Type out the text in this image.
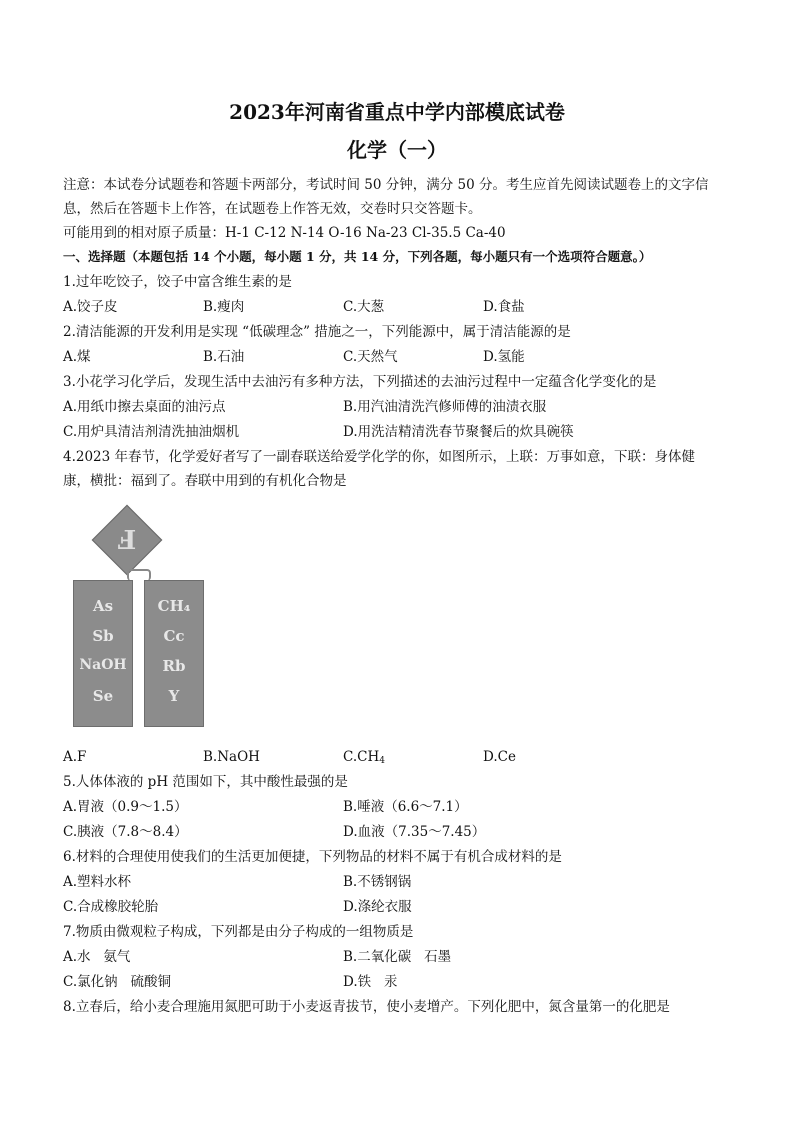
2023年河南省重点中学内部模底试卷
化学（一）
注意：本试卷分试题卷和答题卡两部分，考试时间 50 分钟，满分 50 分。考生应首先阅读试题卷上的文字信
息，然后在答题卡上作答，在试题卷上作答无效，交卷时只交答题卡。
可能用到的相对原子质量：H-1 C-12 N-14 O-16 Na-23 Cl-35.5 Ca-40
一、选择题（本题包括 14 个小题，每小题 1 分，共 14 分，下列各题，每小题只有一个选项符合题意。）
1.过年吃饺子，饺子中富含维生素的是
A.饺子皮	B.瘦肉	C.大葱	D.食盐
2.清洁能源的开发利用是实现 “低碳理念” 措施之一，下列能源中，属于清洁能源的是
A.煤	B.石油	C.天然气	D.氢能
3.小花学习化学后，发现生活中去油污有多种方法，下列描述的去油污过程中一定蕴含化学变化的是
A.用纸巾擦去桌面的油污点	B.用汽油清洗汽修师傅的油渍衣服
C.用炉具清洁剂清洗抽油烟机	D.用洗洁精清洗春节聚餐后的炊具碗筷
4.2023 年春节，化学爱好者写了一副春联送给爱学化学的你，如图所示，上联：万事如意，下联：身体健
康，横批：福到了。春联中用到的有机化合物是
F
As
Sb
NaOH
Se
CH₄
Cc
Rb
Y
A.F	B.NaOH	$C.CH_4$	D.Ce
5.人体体液的 pH 范围如下，其中酸性最强的是
A.胃液（0.9～1.5）	B.唾液（6.6～7.1）
C.胰液（7.8～8.4）	D.血液（7.35～7.45）
6.材料的合理使用使我们的生活更加便捷，下列物品的材料不属于有机合成材料的是
A.塑料水杯	B.不锈钢锅
C.合成橡胶轮胎	D.涤纶衣服
7.物质由微观粒子构成，下列都是由分子构成的一组物质是
A.水   氨气	B.二氧化碳   石墨
C.氯化钠   硫酸铜	D.铁   汞
8.立春后，给小麦合理施用氮肥可助于小麦返青拔节，使小麦增产。下列化肥中，氮含量第一的化肥是
